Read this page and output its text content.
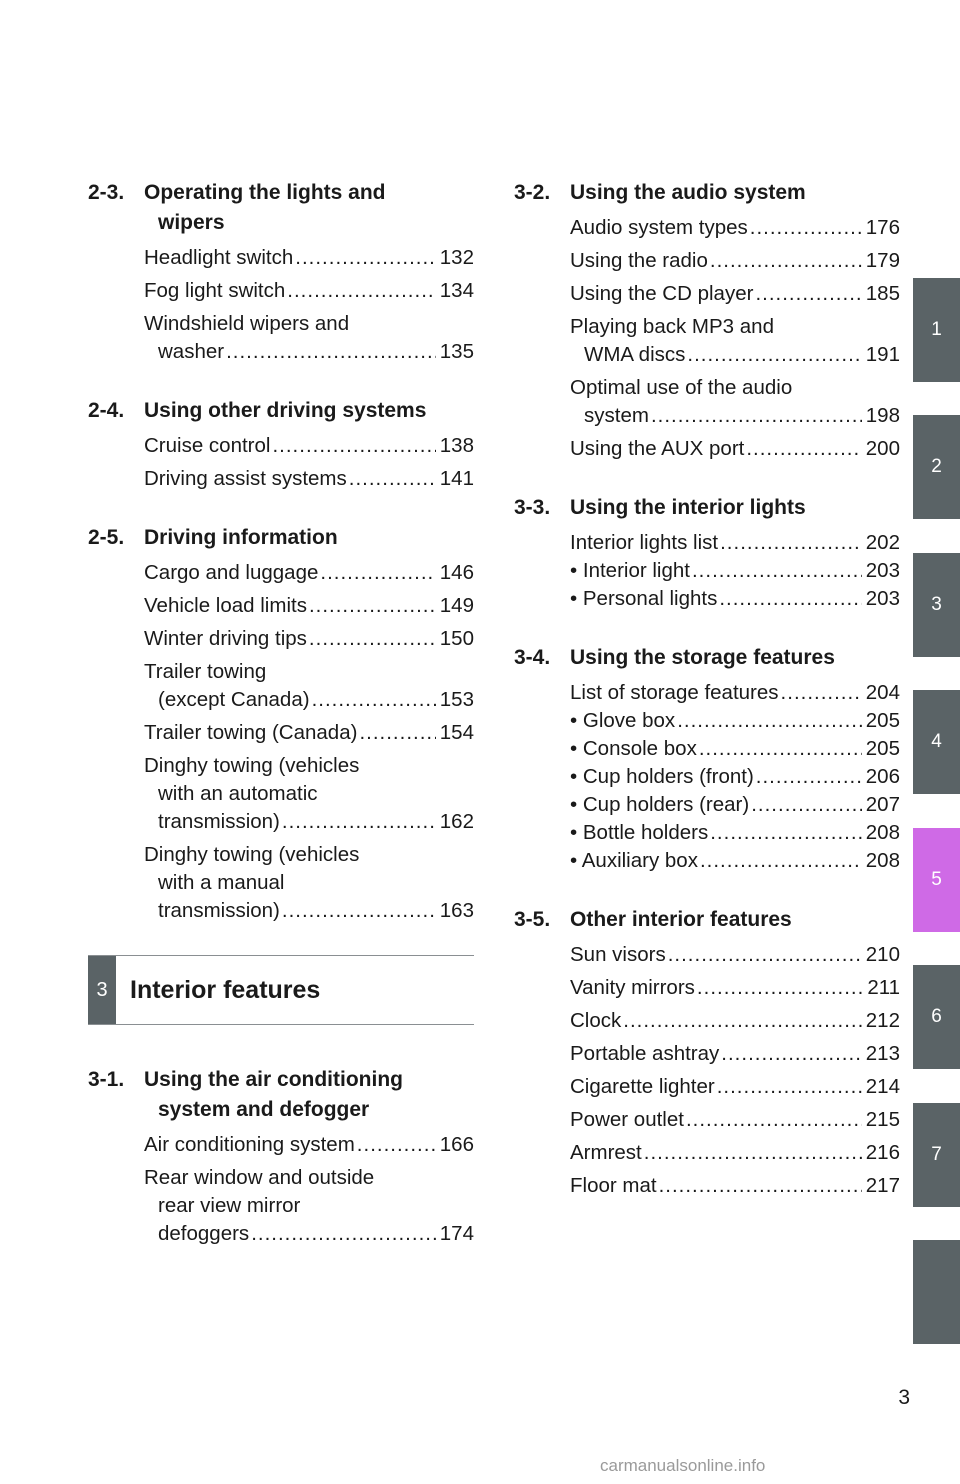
2-3. Operating the lights and
wipers
Headlight switch .....	132
Fog light switch .....	134
Windshield wipers and
washer .....	135
2-4. Using other driving systems
Cruise control .....	138
Driving assist systems .....	141
2-5. Driving information
Cargo and luggage .....	146
Vehicle load limits .....	149
Winter driving tips .....	150
Trailer towing
(except Canada) .....	153
Trailer towing (Canada) .....	154
Dinghy towing (vehicles
with an automatic
transmission) .....	162
Dinghy towing (vehicles
with a manual
transmission) .....	163
3 Interior features
3-1. Using the air conditioning
system and defogger
Air conditioning system .....	166
Rear window and outside
rear view mirror
defoggers .....	174
3-2. Using the audio system
Audio system types .....	176
Using the radio .....	179
Using the CD player .....	185
Playing back MP3 and
WMA discs .....	191
Optimal use of the audio
system .....	198
Using the AUX port .....	200
3-3. Using the interior lights
Interior lights list .....	202
• Interior light .....	203
• Personal lights .....	203
3-4. Using the storage features
List of storage features .....	204
• Glove box .....	205
• Console box .....	205
• Cup holders (front) .....	206
• Cup holders (rear) .....	207
• Bottle holders .....	208
• Auxiliary box .....	208
3-5. Other interior features
Sun visors .....	210
Vanity mirrors .....	211
Clock .....	212
Portable ashtray .....	213
Cigarette lighter .....	214
Power outlet .....	215
Armrest .....	216
Floor mat .....	217
1
2
3
4
5
6
7
3
carmanualsonline.info
